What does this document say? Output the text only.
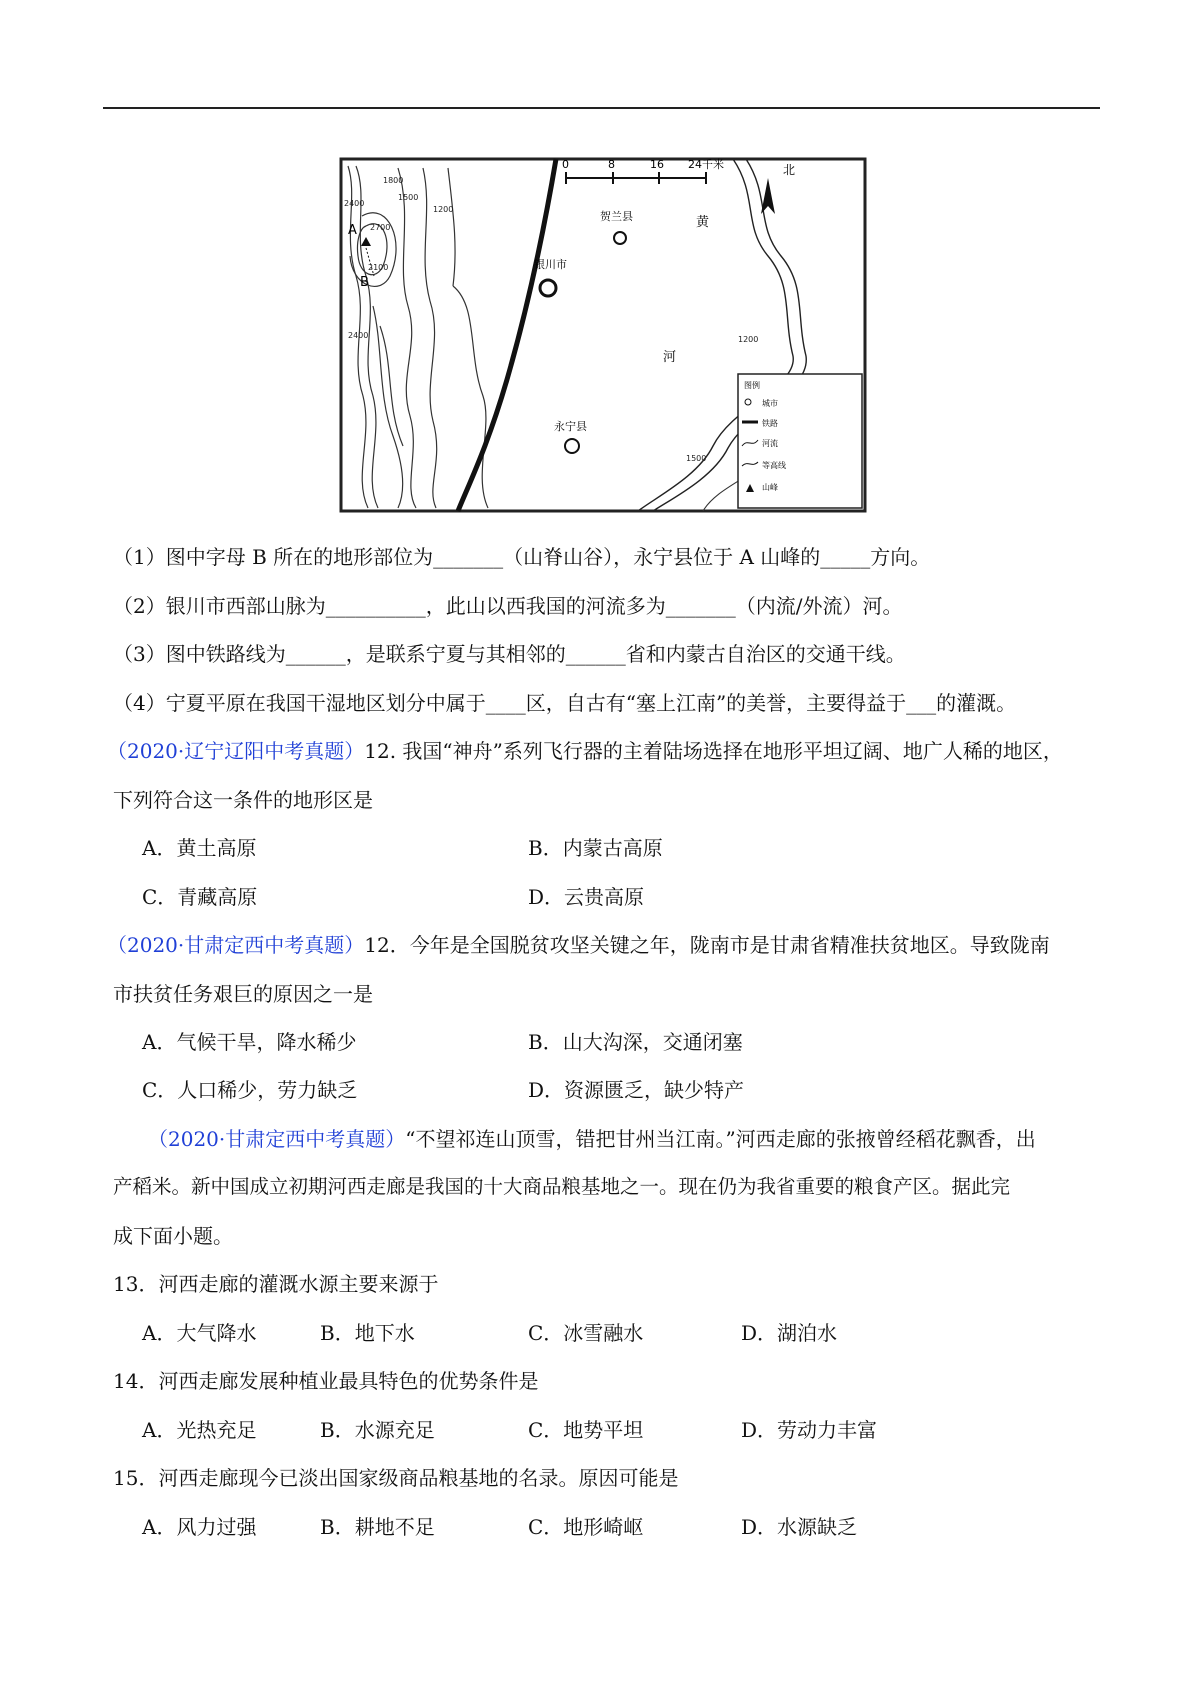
0	8	16 24千米	北
A
B
1800
1500
1200
2400
2700
2100
2400	1200
1500
贺兰县
银川市
永宁县
黄
河
图例
城市
铁路
河流
等高线
山峰
（1）图中字母 B 所在的地形部位为_______（山脊山谷），永宁县位于 A 山峰的_____方向。
（2）银川市西部山脉为__________，此山以西我国的河流多为_______（内流/外流）河。
（3）图中铁路线为______，是联系宁夏与其相邻的______省和内蒙古自治区的交通干线。
（4）宁夏平原在我国干湿地区划分中属于____区，自古有“塞上江南”的美誉，主要得益于___的灌溉。
（2020·辽宁辽阳中考真题）12. 我国“神舟”系列飞行器的主着陆场选择在地形平坦辽阔、地广人稀的地区，
下列符合这一条件的地形区是
A．黄土高原	B．内蒙古高原
C．青藏高原	D．云贵高原
（2020·甘肃定西中考真题）12．今年是全国脱贫攻坚关键之年，陇南市是甘肃省精准扶贫地区。导致陇南
市扶贫任务艰巨的原因之一是
A．气候干旱，降水稀少	B．山大沟深，交通闭塞
C．人口稀少，劳力缺乏	D．资源匮乏，缺少特产
（2020·甘肃定西中考真题）“不望祁连山顶雪，错把甘州当江南。”河西走廊的张掖曾经稻花飘香，出
产稻米。新中国成立初期河西走廊是我国的十大商品粮基地之一。现在仍为我省重要的粮食产区。据此完
成下面小题。
13．河西走廊的灌溉水源主要来源于
A．大气降水	B．地下水	C．冰雪融水	D．湖泊水
14．河西走廊发展种植业最具特色的优势条件是
A．光热充足	B．水源充足	C．地势平坦	D．劳动力丰富
15．河西走廊现今已淡出国家级商品粮基地的名录。原因可能是
A．风力过强	B．耕地不足	C．地形崎岖	D．水源缺乏
